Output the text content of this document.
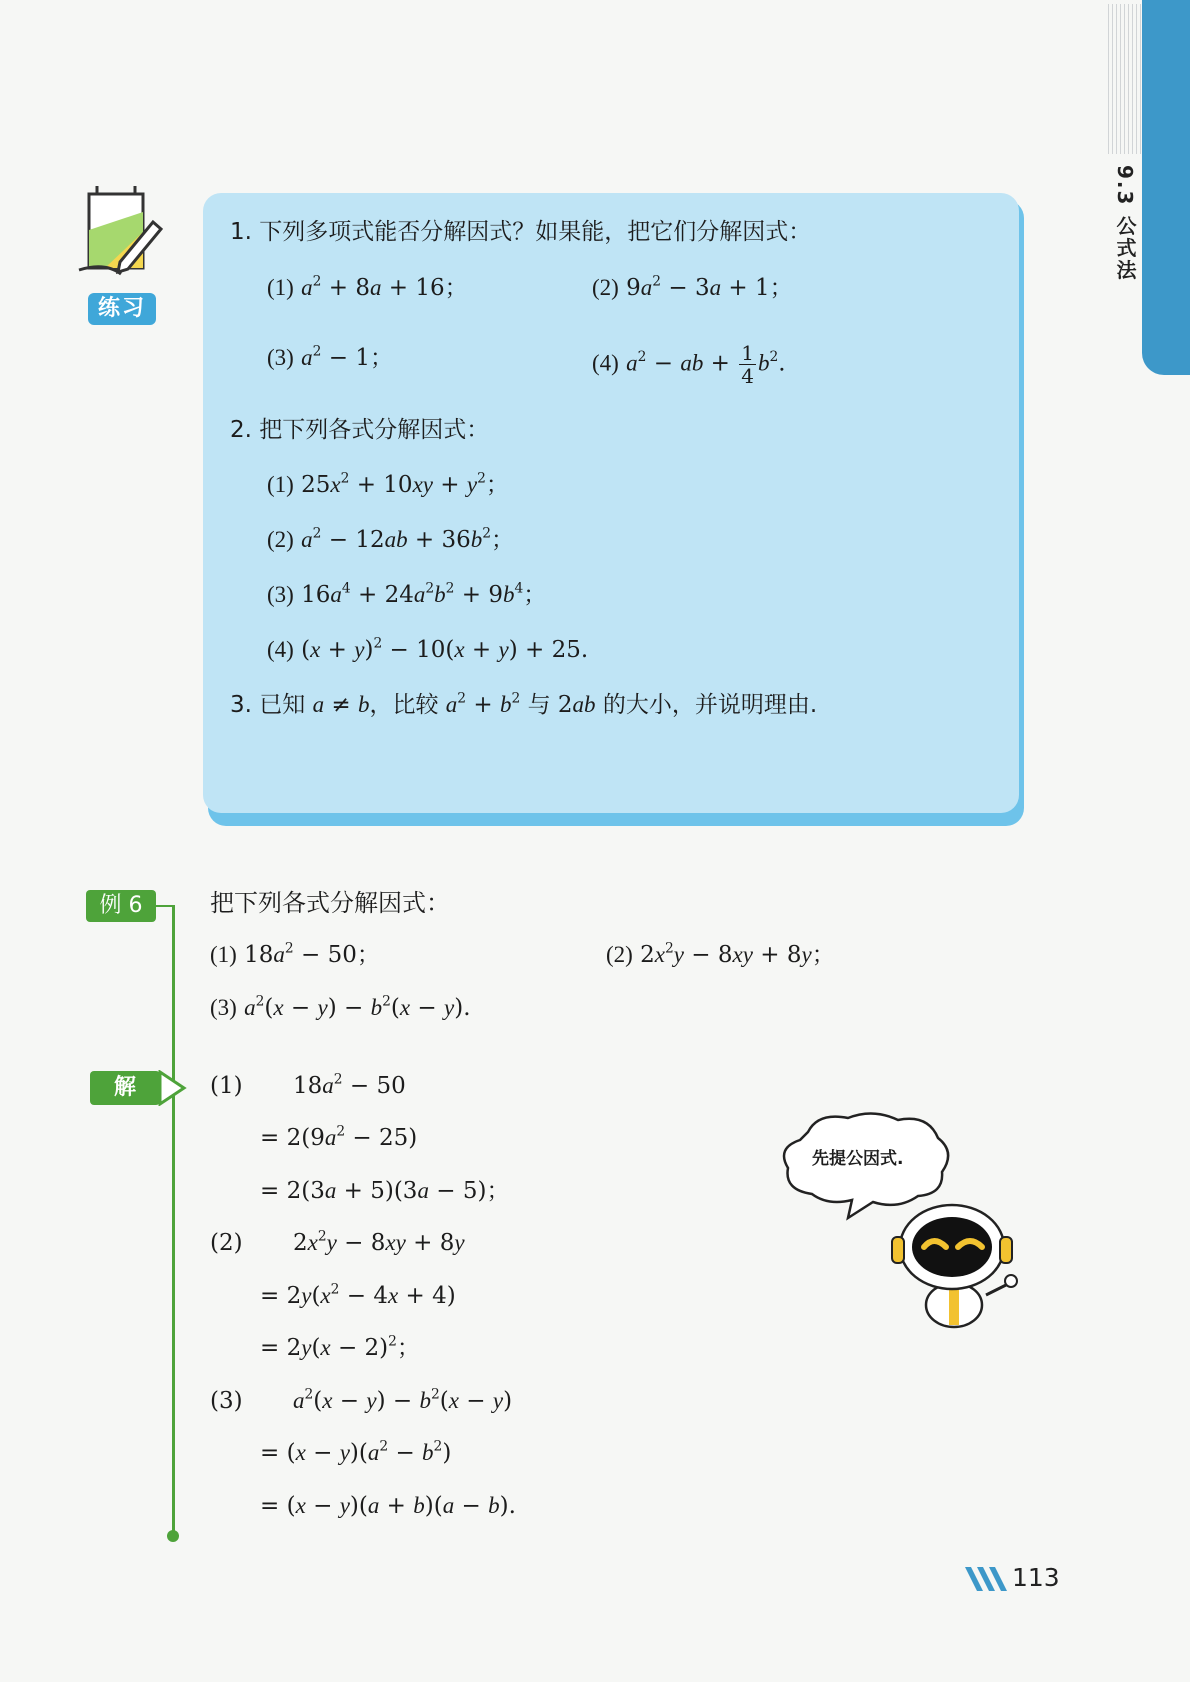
9.3 公式法
练习
1. 下列多项式能否分解因式？如果能，把它们分解因式：
(1) $a^2 + 8a + 16$；	(2) $9a^2 - 3a + 1$；
(3) $a^2 - 1$；	(4) $a^2$ − ab + $\frac{1}{4} b^2$.
2. 把下列各式分解因式：
(1) $25x^2 + 10xy + y^2$；
(2) $a^2 - 12ab + 36b^2$；
(3) $16a^4 + 24a^2b^2 + 9b^4$；
(4) $(x + y)^2 - 10(x + y) + 25$.
3. 已知 a ≠ b，比较 $a^2 + b^2$ 与 2ab 的大小，并说明理由.
例 6	把下列各式分解因式：
(1) $18a^2 - 50$；	(2) $2x^2y - 8xy + 8y$；
(3) $a^2(x - y) - b^2(x - y)$.
解	(1) $18a^2 - 50$
= $2(9a^2 - 25)$
= 2(3a + 5)(3a − 5)；
(2) $2x^2y - 8xy + 8y$
= $2y(x^2 - 4x + 4)$
= $2y(x - 2)^2$；
(3) $a^2(x - y) - b^2(x - y)$
= $(x - y)(a^2 - b^2)$
= (x − y)(a + b)(a − b).
先提公因式.
113
